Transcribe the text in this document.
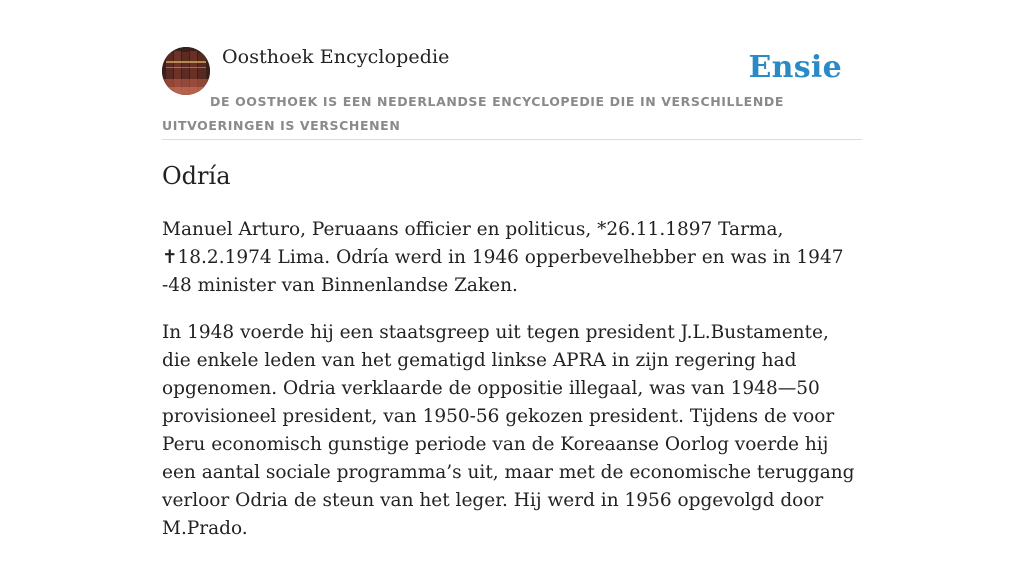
Oosthoek Encyclopedie	Ensie
DE OOSTHOEK IS EEN NEDERLANDSE ENCYCLOPEDIE DIE IN VERSCHILLENDE UITVOERINGEN IS VERSCHENEN
Odría

Manuel Arturo, Peruaans officier en politicus, *26.11.1897 Tarma, ✝18.2.1974 Lima. Odría werd in 1946 opperbevelhebber en was in 1947 -48 minister van Binnenlandse Zaken.

In 1948 voerde hij een staatsgreep uit tegen president J.L.Bustamente, die enkele leden van het gematigd linkse APRA in zijn regering had opgenomen. Odria verklaarde de oppositie illegaal, was van 1948—50 provisioneel president, van 1950-56 gekozen president. Tijdens de voor Peru economisch gunstige periode van de Koreaanse Oorlog voerde hij een aantal sociale programma’s uit, maar met de economische teruggang verloor Odria de steun van het leger. Hij werd in 1956 opgevolgd door M.Prado.
